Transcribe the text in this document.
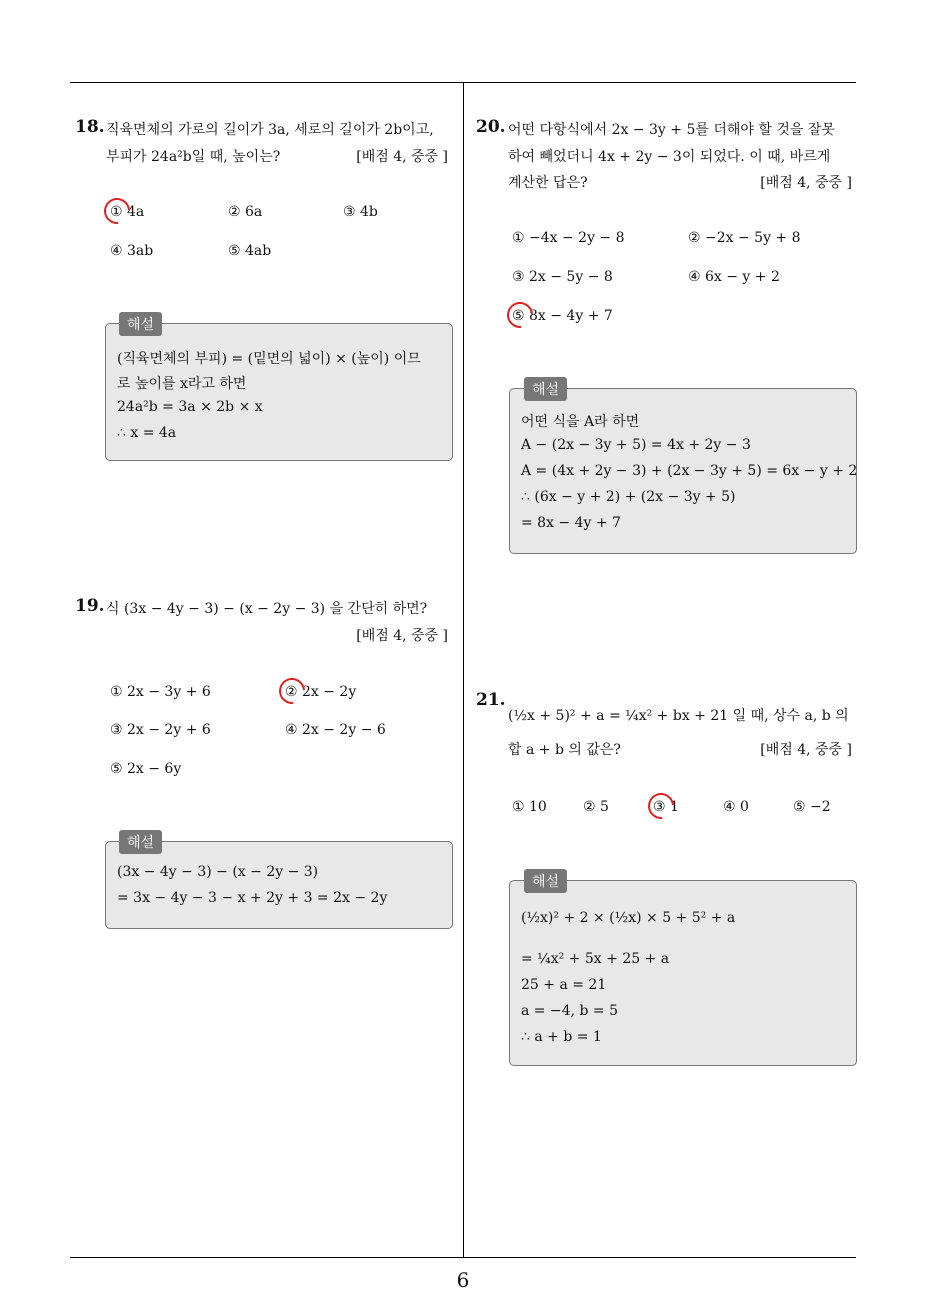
6
18. 직육면체의 가로의 길이가 3a, 세로의 길이가 2b이고,
부피가 24a²b일 때, 높이는?	[배점 4, 중중 ]
① 4a	② 6a	③ 4b
④ 3ab	⑤ 4ab
해설
(직육면체의 부피) = (밑면의 넓이) × (높이) 이므
로 높이를 x라고 하면
24a²b = 3a × 2b × x
∴ x = 4a
19. 식 (3x − 4y − 3) − (x − 2y − 3) 을 간단히 하면?
[배점 4, 중중 ]
① 2x − 3y + 6	② 2x − 2y
③ 2x − 2y + 6	④ 2x − 2y − 6
⑤ 2x − 6y
해설
(3x − 4y − 3) − (x − 2y − 3)
= 3x − 4y − 3 − x + 2y + 3 = 2x − 2y
20. 어떤 다항식에서 2x − 3y + 5를 더해야 할 것을 잘못
하여 빼었더니 4x + 2y − 3이 되었다. 이 때, 바르게
계산한 답은?	[배점 4, 중중 ]
① −4x − 2y − 8	② −2x − 5y + 8
③ 2x − 5y − 8	④ 6x − y + 2
⑤ 8x − 4y + 7
해설
어떤 식을 A라 하면
A − (2x − 3y + 5) = 4x + 2y − 3
A = (4x + 2y − 3) + (2x − 3y + 5) = 6x − y + 2
∴ (6x − y + 2) + (2x − 3y + 5)
= 8x − 4y + 7
21.
(½x + 5)² + a = ¼x² + bx + 21 일 때, 상수 a, b 의
합 a + b 의 값은?	[배점 4, 중중 ]
① 10	② 5	③ 1	④ 0	⑤ −2
해설
(½x)² + 2 × (½x) × 5 + 5² + a
= ¼x² + 5x + 25 + a
25 + a = 21
a = −4, b = 5
∴ a + b = 1
